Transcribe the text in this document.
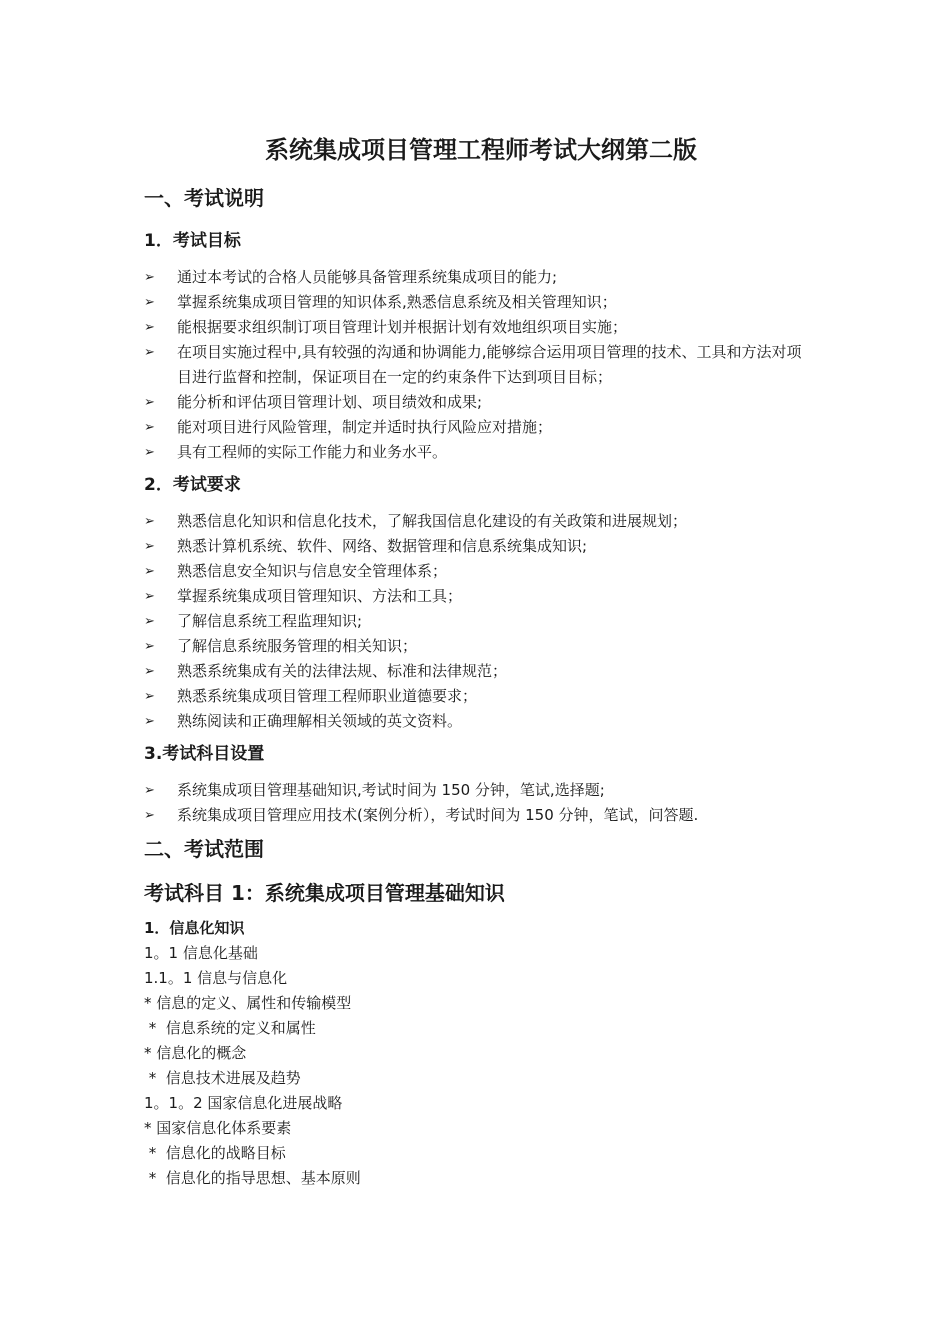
系统集成项目管理工程师考试大纲第二版
一、考试说明
1．考试目标
➢ 通过本考试的合格人员能够具备管理系统集成项目的能力;
➢ 掌握系统集成项目管理的知识体系,熟悉信息系统及相关管理知识；
➢ 能根据要求组织制订项目管理计划并根据计划有效地组织项目实施；
➢ 在项目实施过程中,具有较强的沟通和协调能力,能够综合运用项目管理的技术、工具和方法对项目进行监督和控制，保证项目在一定的约束条件下达到项目目标；
➢ 能分析和评估项目管理计划、项目绩效和成果;
➢ 能对项目进行风险管理，制定并适时执行风险应对措施；
➢ 具有工程师的实际工作能力和业务水平。
2．考试要求
➢ 熟悉信息化知识和信息化技术，了解我国信息化建设的有关政策和进展规划；
➢ 熟悉计算机系统、软件、网络、数据管理和信息系统集成知识;
➢ 熟悉信息安全知识与信息安全管理体系；
➢ 掌握系统集成项目管理知识、方法和工具；
➢ 了解信息系统工程监理知识;
➢ 了解信息系统服务管理的相关知识；
➢ 熟悉系统集成有关的法律法规、标准和法律规范；
➢ 熟悉系统集成项目管理工程师职业道德要求；
➢ 熟练阅读和正确理解相关领域的英文资料。
3.考试科目设置
➢ 系统集成项目管理基础知识,考试时间为 150 分钟，笔试,选择题;
➢ 系统集成项目管理应用技术(案例分析），考试时间为 150 分钟，笔试，问答题.
二、考试范围
考试科目 1：系统集成项目管理基础知识
1．信息化知识
1。1 信息化基础
1.1。1 信息与信息化
* 信息的定义、属性和传输模型
*  信息系统的定义和属性
* 信息化的概念
*  信息技术进展及趋势
1。1。2 国家信息化进展战略
* 国家信息化体系要素
*  信息化的战略目标
*  信息化的指导思想、基本原则
